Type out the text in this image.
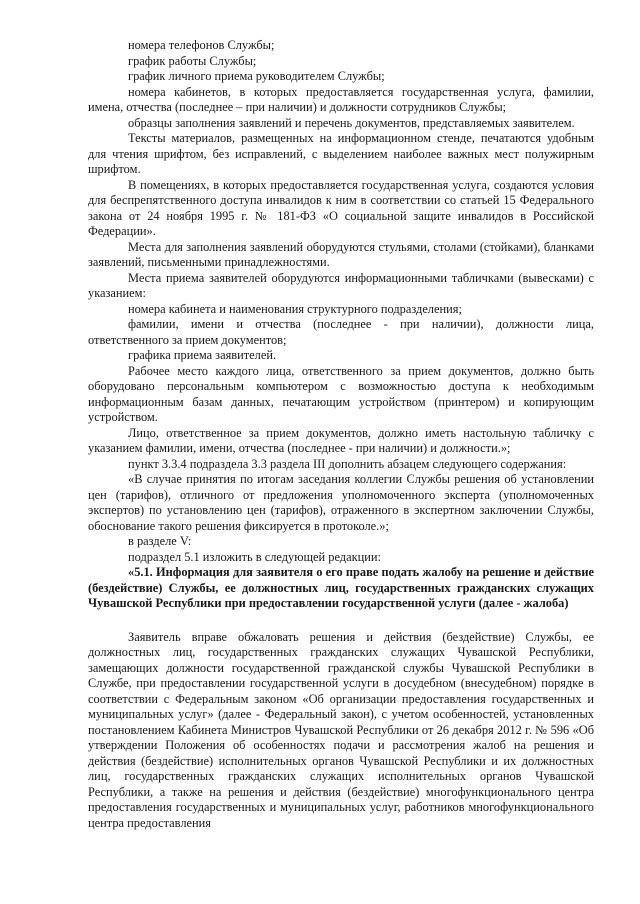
номера телефонов Службы;

график работы Службы;

график личного приема руководителем Службы;

номера кабинетов, в которых предоставляется государственная услуга, фамилии, имена, отчества (последнее – при наличии) и должности сотрудников Службы;

образцы заполнения заявлений и перечень документов, представляемых заявителем.

Тексты материалов, размещенных на информационном стенде, печатаются удобным для чтения шрифтом, без исправлений, с выделением наиболее важных мест полужирным шрифтом.

В помещениях, в которых предоставляется государственная услуга, создаются условия для беспрепятственного доступа инвалидов к ним в соответствии со статьей 15 Федерального закона от 24 ноября 1995 г. № 181-ФЗ «О социальной защите инвалидов в Российской Федерации».

Места для заполнения заявлений оборудуются стульями, столами (стойками), бланками заявлений, письменными принадлежностями.

Места приема заявителей оборудуются информационными табличками (вывесками) с указанием:

номера кабинета и наименования структурного подразделения;

фамилии, имени и отчества (последнее - при наличии), должности лица, ответственного за прием документов;

графика приема заявителей.

Рабочее место каждого лица, ответственного за прием документов, должно быть оборудовано персональным компьютером с возможностью доступа к необходимым информационным базам данных, печатающим устройством (принтером) и копирующим устройством.

Лицо, ответственное за прием документов, должно иметь настольную табличку с указанием фамилии, имени, отчества (последнее - при наличии) и должности.»;

пункт 3.3.4 подраздела 3.3 раздела III дополнить абзацем следующего содержания:

«В случае принятия по итогам заседания коллегии Службы решения об установлении цен (тарифов), отличного от предложения уполномоченного эксперта (уполномоченных экспертов) по установлению цен (тарифов), отраженного в экспертном заключении Службы, обоснование такого решения фиксируется в протоколе.»;

в разделе V:

подраздел 5.1 изложить в следующей редакции:

«5.1. Информация для заявителя о его праве подать жалобу на решение и действие (бездействие) Службы, ее должностных лиц, государственных гражданских служащих Чувашской Республики при предоставлении государственной услуги (далее - жалоба)

Заявитель вправе обжаловать решения и действия (бездействие) Службы, ее должностных лиц, государственных гражданских служащих Чувашской Республики, замещающих должности государственной гражданской службы Чувашской Республики в Службе, при предоставлении государственной услуги в досудебном (внесудебном) порядке в соответствии с Федеральным законом «Об организации предоставления государственных и муниципальных услуг» (далее - Федеральный закон), с учетом особенностей, установленных постановлением Кабинета Министров Чувашской Республики от 26 декабря 2012 г. № 596 «Об утверждении Положения об особенностях подачи и рассмотрения жалоб на решения и действия (бездействие) исполнительных органов Чувашской Республики и их должностных лиц, государственных гражданских служащих исполнительных органов Чувашской Республики, а также на решения и действия (бездействие) многофункционального центра предоставления государственных и муниципальных услуг, работников многофункционального центра предоставления
